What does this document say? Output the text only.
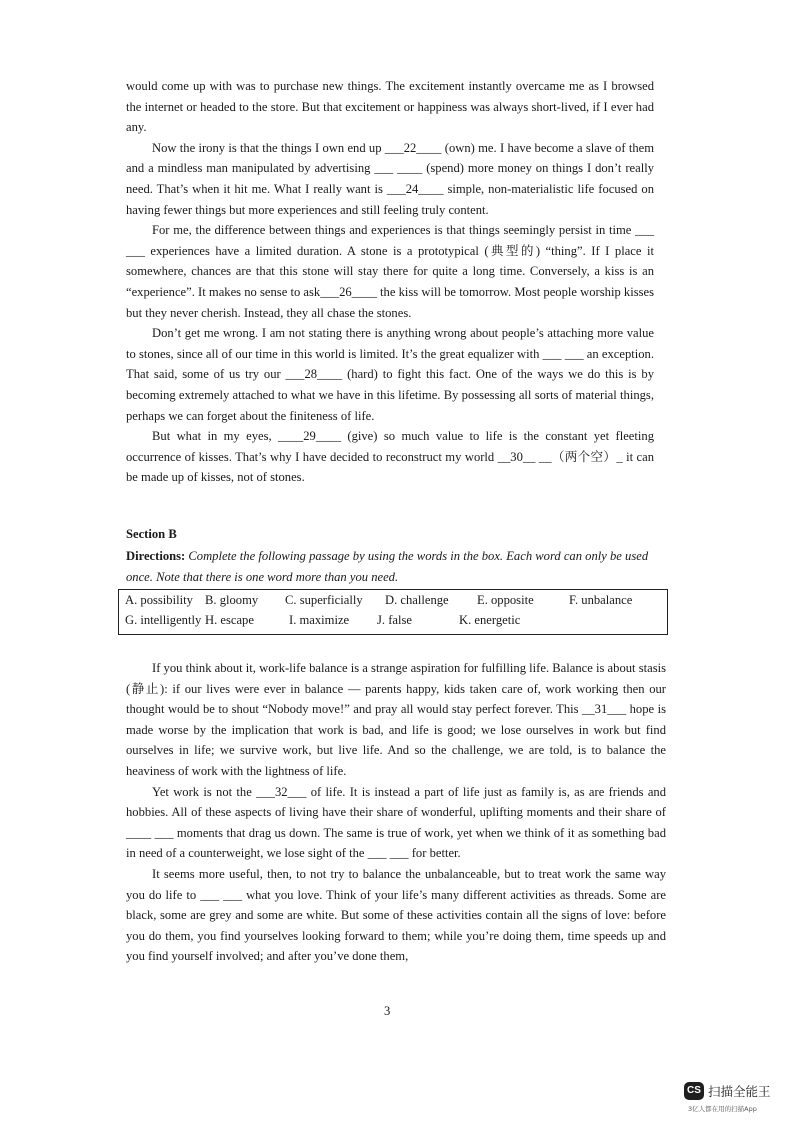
would come up with was to purchase new things. The excitement instantly overcame me as I browsed the internet or headed to the store. But that excitement or happiness was always short-lived, if I ever had any.

Now the irony is that the things I own end up ___22____ (own) me. I have become a slave of them and a mindless man manipulated by advertising ___ ____ (spend) more money on things I don’t really need. That’s when it hit me. What I really want is ___24____ simple, non-materialistic life focused on having fewer things but more experiences and still feeling truly content.

For me, the difference between things and experiences is that things seemingly persist in time ___ ___ experiences have a limited duration. A stone is a prototypical (典型的) “thing”. If I place it somewhere, chances are that this stone will stay there for quite a long time. Conversely, a kiss is an “experience”. It makes no sense to ask___26____ the kiss will be tomorrow. Most people worship kisses but they never cherish. Instead, they all chase the stones.

Don’t get me wrong. I am not stating there is anything wrong about people’s attaching more value to stones, since all of our time in this world is limited. It’s the great equalizer with ___ ___ an exception. That said, some of us try our ___28____ (hard) to fight this fact. One of the ways we do this is by becoming extremely attached to what we have in this lifetime. By possessing all sorts of material things, perhaps we can forget about the finiteness of life.

But what in my eyes, ____29____ (give) so much value to life is the constant yet fleeting occurrence of kisses. That’s why I have decided to reconstruct my world __30__ __（两个空）_ it can be made up of kisses, not of stones.

Section B
Directions: Complete the following passage by using the words in the box. Each word can only be used once. Note that there is one word more than you need.
A. possibility B. gloomy C. superficially D. challenge E. opposite	F. unbalance
G. intelligently H. escape	I. maximize J. false	K. energetic

If you think about it, work-life balance is a strange aspiration for fulfilling life. Balance is about stasis (静止): if our lives were ever in balance — parents happy, kids taken care of, work working then our thought would be to shout “Nobody move!” and pray all would stay perfect forever. This __31___ hope is made worse by the implication that work is bad, and life is good; we lose ourselves in work but find ourselves in life; we survive work, but live life. And so the challenge, we are told, is to balance the heaviness of work with the lightness of life.

Yet work is not the ___32___ of life. It is instead a part of life just as family is, as are friends and hobbies. All of these aspects of living have their share of wonderful, uplifting moments and their share of ____ ___ moments that drag us down. The same is true of work, yet when we think of it as something bad in need of a counterweight, we lose sight of the ___ ___ for better.

It seems more useful, then, to not try to balance the unbalanceable, but to treat work the same way you do life to ___ ___ what you love. Think of your life’s many different activities as threads. Some are black, some are grey and some are white. But some of these activities contain all the signs of love: before you do them, you find yourselves looking forward to them; while you’re doing them, time speeds up and you find yourself involved; and after you’ve done them,

3
CS 扫描全能王
3亿人都在用的扫描App
